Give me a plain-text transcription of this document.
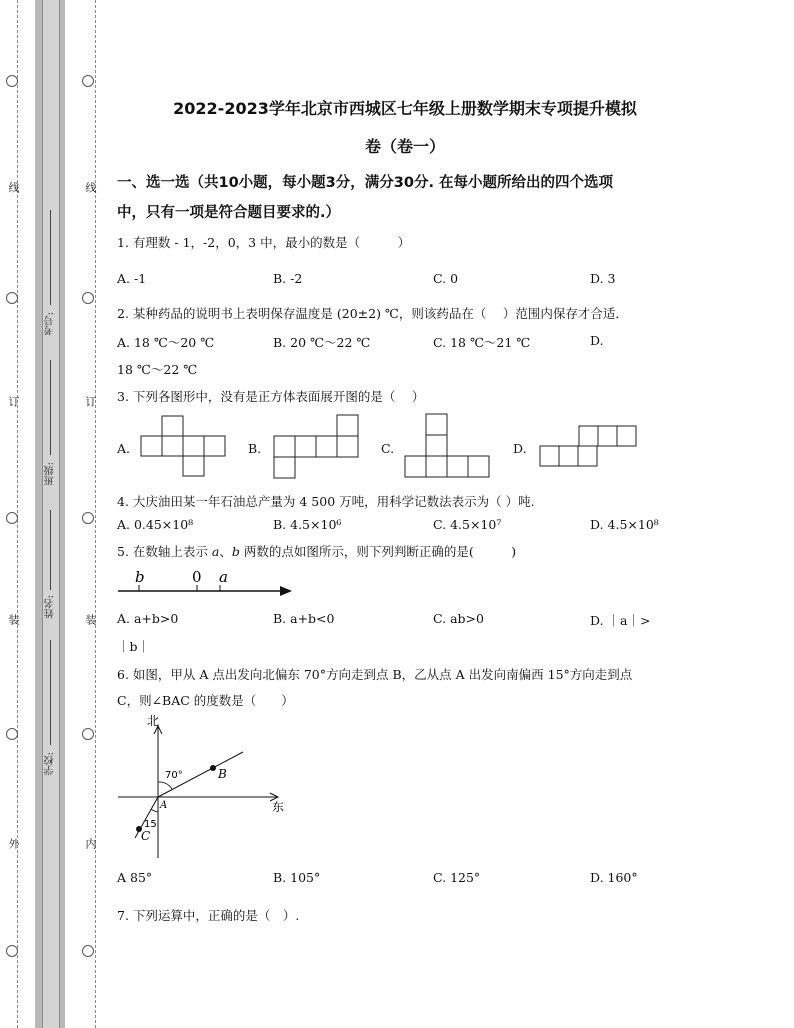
线
订
装
外
线
订
装
内
考号:
班级:
姓名:
学校:
2022-2023学年北京市西城区七年级上册数学期末专项提升模拟
卷（卷一）
一、选一选（共10小题，每小题3分，满分30分. 在每小题所给出的四个选项
中，只有一项是符合题目要求的.）
1. 有理数 - 1，-2，0，3 中，最小的数是（　　　）
A. -1	B. -2	C. 0	D. 3
2. 某种药品的说明书上表明保存温度是 (20±2) ℃，则该药品在（　 ）范围内保存才合适．
A. 18 ℃～20 ℃	B. 20 ℃～22 ℃	C. 18 ℃～21 ℃	D.
18 ℃～22 ℃
3. 下列各图形中，没有是正方体表面展开图的是（　 ）
A.	B.	C.	D.
4. 大庆油田某一年石油总产量为 4 500 万吨，用科学记数法表示为（ ）吨.
A. 0.45×10⁸	B. 4.5×10⁶	C. 4.5×10⁷	D. 4.5×10⁸
5. 在数轴上表示 a、b 两数的点如图所示，则下列判断正确的是(　　　)
b	0 a
A. a+b>0	B. a+b<0	C. ab>0	D. ｜a｜>
｜b｜
6. 如图，甲从 A 点出发向北偏东 70°方向走到点 B，乙从点 A 出发向南偏西 15°方向走到点
C，则∠BAC 的度数是（　　）
北
东
70°
15
A
B
C
A 85°	B. 105°	C. 125°	D. 160°
7. 下列运算中，正确的是（　）.
